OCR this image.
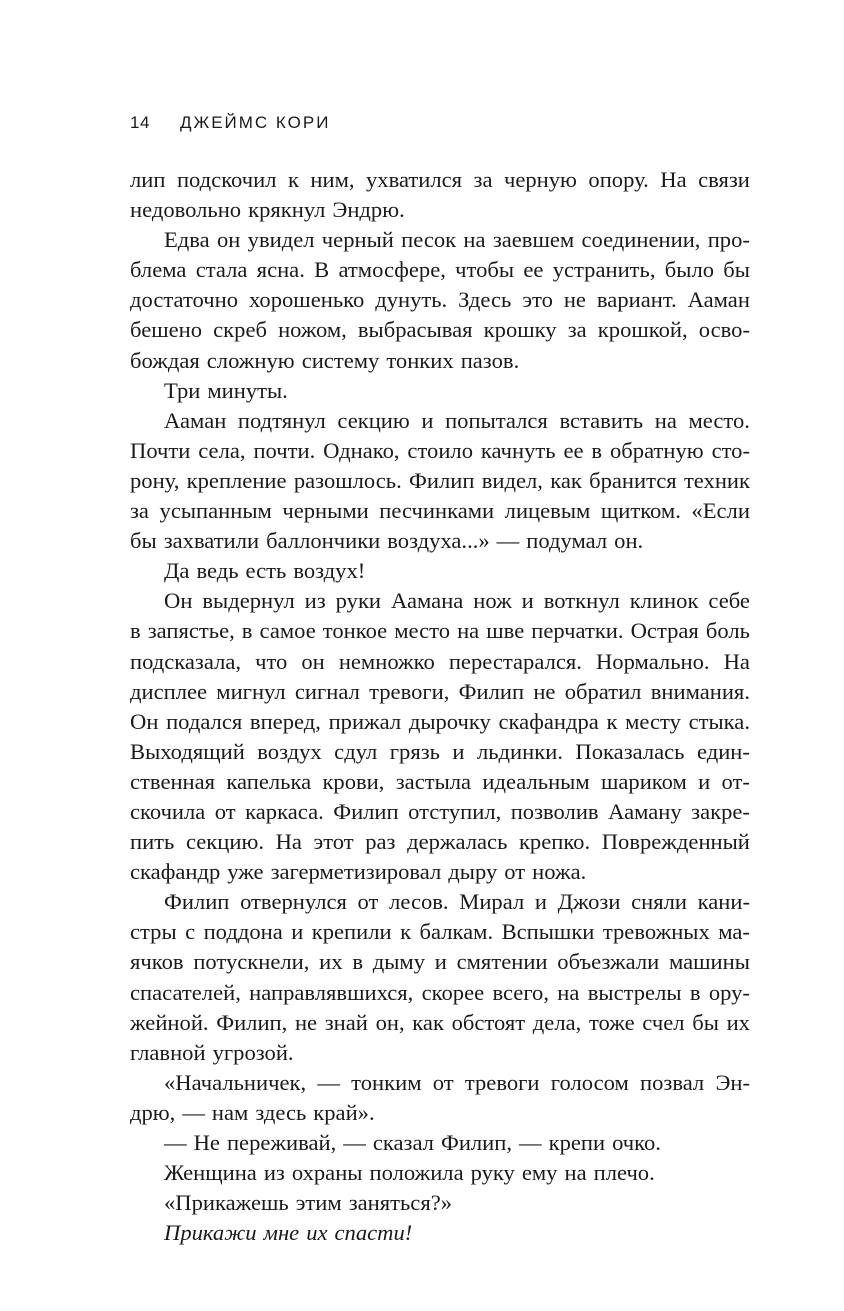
14 ДЖЕЙМС КОРИ
лип подскочил к ним, ухватился за черную опору. На связи
недовольно крякнул Эндрю.
Едва он увидел черный песок на заевшем соединении, про-
блема стала ясна. В атмосфере, чтобы ее устранить, было бы
достаточно хорошенько дунуть. Здесь это не вариант. Ааман
бешено скреб ножом, выбрасывая крошку за крошкой, осво-
бождая сложную систему тонких пазов.
Три минуты.
Ааман подтянул секцию и попытался вставить на место.
Почти села, почти. Однако, стоило качнуть ее в обратную сто-
рону, крепление разошлось. Филип видел, как бранится техник
за усыпанным черными песчинками лицевым щитком. «Если
бы захватили баллончики воздуха...» — подумал он.
Да ведь есть воздух!
Он выдернул из руки Аамана нож и воткнул клинок себе
в запястье, в самое тонкое место на шве перчатки. Острая боль
подсказала, что он немножко перестарался. Нормально. На
дисплее мигнул сигнал тревоги, Филип не обратил внимания.
Он подался вперед, прижал дырочку скафандра к месту стыка.
Выходящий воздух сдул грязь и льдинки. Показалась един-
ственная капелька крови, застыла идеальным шариком и от-
скочила от каркаса. Филип отступил, позволив Ааману закре-
пить секцию. На этот раз держалась крепко. Поврежденный
скафандр уже загерметизировал дыру от ножа.
Филип отвернулся от лесов. Мирал и Джози сняли кани-
стры с поддона и крепили к балкам. Вспышки тревожных ма-
ячков потускнели, их в дыму и смятении объезжали машины
спасателей, направлявшихся, скорее всего, на выстрелы в ору-
жейной. Филип, не знай он, как обстоят дела, тоже счел бы их
главной угрозой.
«Начальничек, — тонким от тревоги голосом позвал Эн-
дрю, — нам здесь край».
— Не переживай, — сказал Филип, — крепи очко.
Женщина из охраны положила руку ему на плечо.
«Прикажешь этим заняться?»
Прикажи мне их спасти!
